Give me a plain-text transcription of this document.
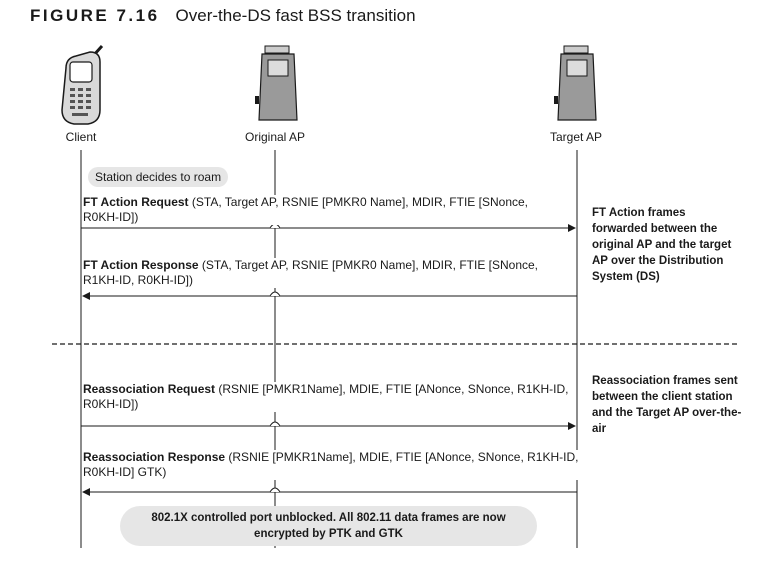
FIGURE 7.16 Over-the-DS fast BSS transition
Client	Original AP	Target AP
Station decides to roam
FT Action Request (STA, Target AP, RSNIE [PMKR0 Name], MDIR, FTIE [SNonce,
R0KH-ID])
FT Action Response (STA, Target AP, RSNIE [PMKR0 Name], MDIR, FTIE [SNonce,
R1KH-ID, R0KH-ID])
Reassociation Request (RSNIE [PMKR1Name], MDIE, FTIE [ANonce, SNonce, R1KH-ID,
R0KH-ID])
Reassociation Response (RSNIE [PMKR1Name], MDIE, FTIE [ANonce, SNonce, R1KH-ID,
R0KH-ID] GTK)
FT Action frames forwarded between the original AP and the target AP over the Distribution System (DS)
Reassociation frames sent between the client station and the Target AP over-the-air
802.1X controlled port unblocked. All 802.11 data frames are now encrypted by PTK and GTK
